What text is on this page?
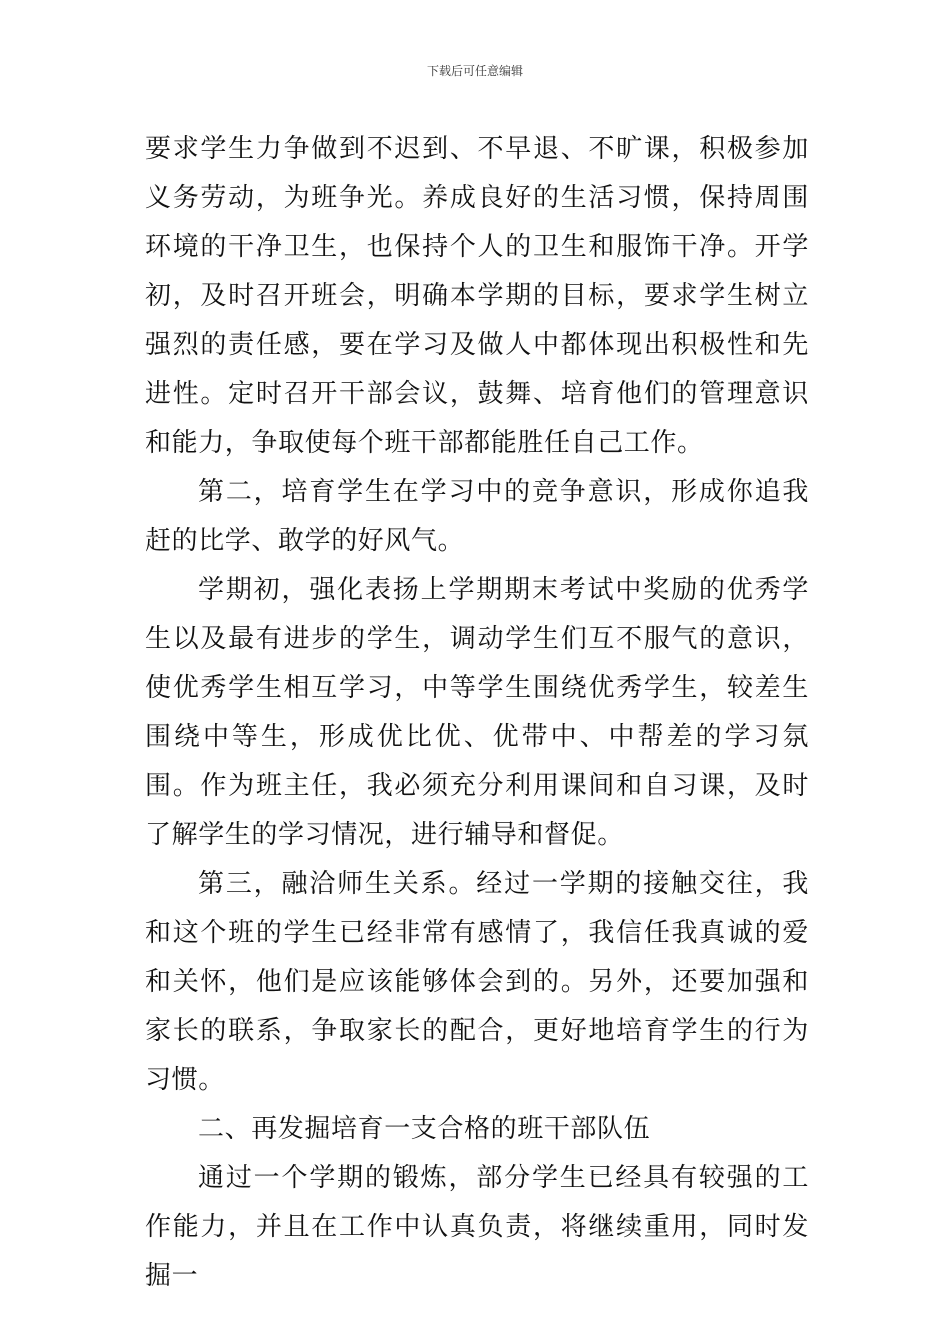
下载后可任意编辑

要求学生力争做到不迟到、不早退、不旷课，积极参加义务劳动，为班争光。养成良好的生活习惯，保持周围环境的干净卫生，也保持个人的卫生和服饰干净。开学初，及时召开班会，明确本学期的目标，要求学生树立强烈的责任感，要在学习及做人中都体现出积极性和先进性。定时召开干部会议，鼓舞、培育他们的管理意识和能力，争取使每个班干部都能胜任自己工作。

第二，培育学生在学习中的竞争意识，形成你追我赶的比学、敢学的好风气。

学期初，强化表扬上学期期末考试中奖励的优秀学生以及最有进步的学生，调动学生们互不服气的意识，使优秀学生相互学习，中等学生围绕优秀学生，较差生围绕中等生，形成优比优、优带中、中帮差的学习氛围。作为班主任，我必须充分利用课间和自习课，及时了解学生的学习情况，进行辅导和督促。

第三，融洽师生关系。经过一学期的接触交往，我和这个班的学生已经非常有感情了，我信任我真诚的爱和关怀，他们是应该能够体会到的。另外，还要加强和家长的联系，争取家长的配合，更好地培育学生的行为习惯。

二、再发掘培育一支合格的班干部队伍

通过一个学期的锻炼，部分学生已经具有较强的工作能力，并且在工作中认真负责，将继续重用，同时发掘一
